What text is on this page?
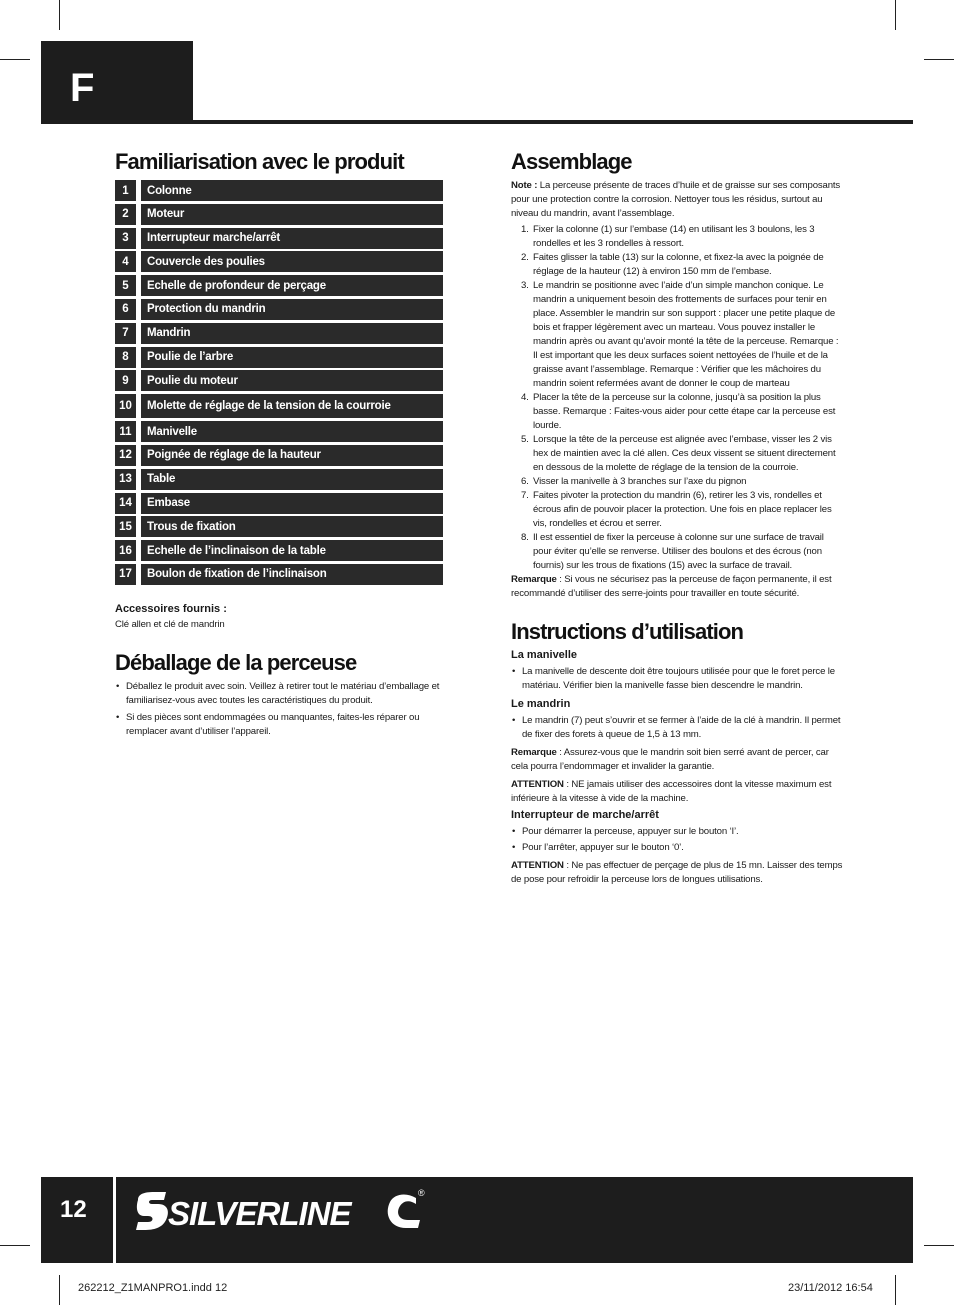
F
Familiarisation avec le produit
1	Colonne
2	Moteur
3	Interrupteur marche/arrêt
4	Couvercle des poulies
5	Echelle de profondeur de perçage
6	Protection du mandrin
7	Mandrin
8	Poulie de l’arbre
9	Poulie du moteur
10	Molette de réglage de la tension de la courroie
11	Manivelle
12	Poignée de réglage de la hauteur
13	Table
14	Embase
15	Trous de fixation
16	Echelle de l’inclinaison de la table
17	Boulon de fixation de l’inclinaison
Accessoires fournis :
Clé allen et clé de mandrin
Déballage de la perceuse
• Déballez le produit avec soin. Veillez à retirer tout le matériau d’emballage et familiarisez-vous avec toutes les caractéristiques du produit.
• Si des pièces sont endommagées ou manquantes, faites-les réparer ou remplacer avant d’utiliser l’appareil.
Assemblage
Note : La perceuse présente de traces d’huile et de graisse sur ses composants pour une protection contre la corrosion. Nettoyer tous les résidus, surtout au niveau du mandrin, avant l’assemblage.
1. Fixer la colonne (1) sur l’embase (14) en utilisant les 3 boulons, les 3 rondelles et les 3 rondelles à ressort.
2. Faites glisser la table (13) sur la colonne, et fixez-la avec la poignée de réglage de la hauteur (12) à environ 150 mm de l’embase.
3. Le mandrin se positionne avec l’aide d’un simple manchon conique. Le mandrin a uniquement besoin des frottements de surfaces pour tenir en place. Assembler le mandrin sur son support : placer une petite plaque de bois et frapper légèrement avec un marteau. Vous pouvez installer le mandrin après ou avant qu’avoir monté la tête de la perceuse. Remarque : Il est important que les deux surfaces soient nettoyées de l’huile et de la graisse avant l’assemblage. Remarque : Vérifier que les mâchoires du mandrin soient refermées avant de donner le coup de marteau
4. Placer la tête de la perceuse sur la colonne, jusqu’à sa position la plus basse. Remarque : Faites-vous aider pour cette étape car la perceuse est lourde.
5. Lorsque la tête de la perceuse est alignée avec l’embase, visser les 2 vis hex de maintien avec la clé allen. Ces deux vissent se situent directement en dessous de la molette de réglage de la tension de la courroie.
6. Visser la manivelle à 3 branches sur l’axe du pignon
7. Faites pivoter la protection du mandrin (6), retirer les 3 vis, rondelles et écrous afin de pouvoir placer la protection. Une fois en place replacer les vis, rondelles et écrou et serrer.
8. Il est essentiel de fixer la perceuse à colonne sur une surface de travail pour éviter qu’elle se renverse. Utiliser des boulons et des écrous (non fournis) sur les trous de fixations (15) avec la surface de travail.
Remarque : Si vous ne sécurisez pas la perceuse de façon permanente, il est recommandé d’utiliser des serre-joints pour travailler en toute sécurité.
Instructions d’utilisation
La manivelle
• La manivelle de descente doit être toujours utilisée pour que le foret perce le matériau. Vérifier bien la manivelle fasse bien descendre le mandrin.
Le mandrin
• Le mandrin (7) peut s’ouvrir et se fermer à l’aide de la clé à mandrin. Il permet de fixer des forets à queue de 1,5 à 13 mm.
Remarque : Assurez-vous que le mandrin soit bien serré avant de percer, car cela pourra l’endommager et invalider la garantie.
ATTENTION : NE jamais utiliser des accessoires dont la vitesse maximum est inférieure à la vitesse à vide de la machine.
Interrupteur de marche/arrêt
• Pour démarrer la perceuse, appuyer sur le bouton ‘I’.
• Pour l’arrêter, appuyer sur le bouton ‘0’.
ATTENTION : Ne pas effectuer de perçage de plus de 15 mn. Laisser des temps de pose pour refroidir la perceuse lors de longues utilisations.
12 SILVERLINE
®
262212_Z1MANPRO1.indd 12	23/11/2012 16:54
